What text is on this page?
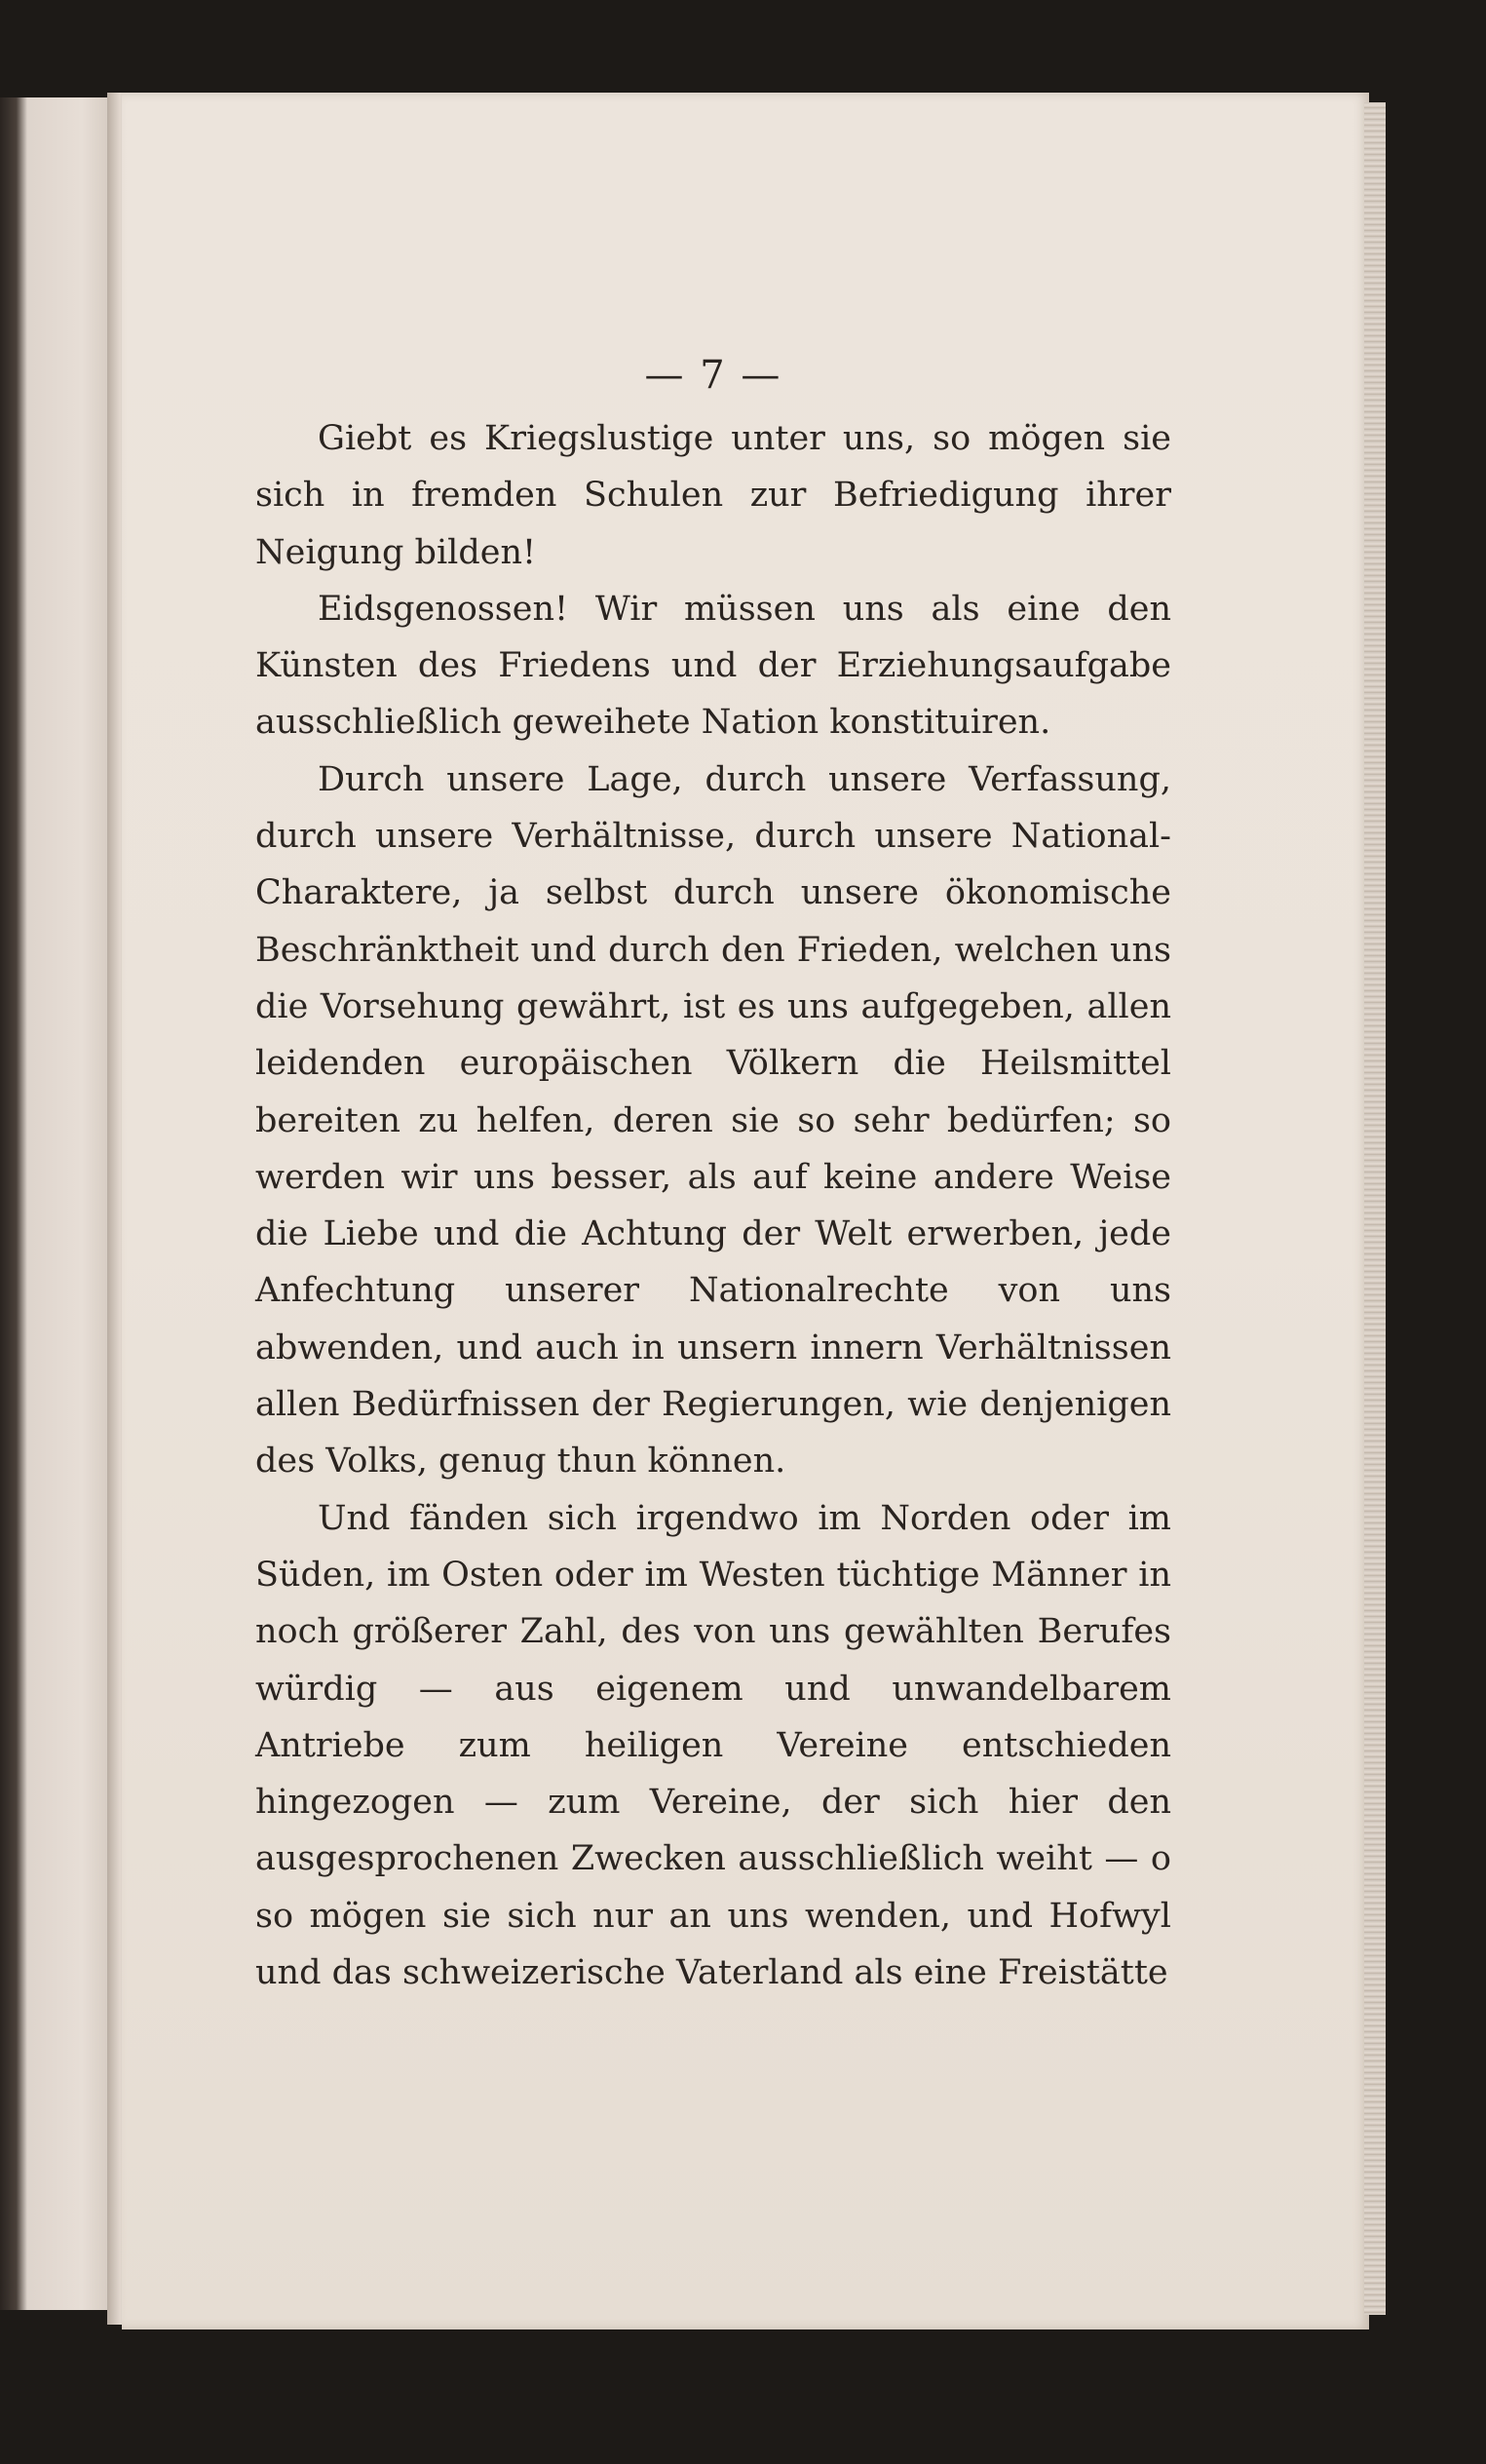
— 7 —

Giebt es Kriegslustige unter uns, so mögen sie sich in fremden Schulen zur Befriedigung ihrer Neigung bilden!

Eidsgenossen! Wir müssen uns als eine den Künsten des Friedens und der Erziehungsaufgabe ausschließlich geweihete Nation konstituiren.

Durch unsere Lage, durch unsere Verfassung, durch unsere Verhältnisse, durch unsere National-Charaktere, ja selbst durch unsere ökonomische Beschränktheit und durch den Frieden, welchen uns die Vorsehung gewährt, ist es uns aufgegeben, allen leidenden europäischen Völkern die Heilsmittel bereiten zu helfen, deren sie so sehr bedürfen; so werden wir uns besser, als auf keine andere Weise die Liebe und die Achtung der Welt erwerben, jede Anfechtung unserer Nationalrechte von uns abwenden, und auch in unsern innern Verhältnissen allen Bedürfnissen der Regierungen, wie denjenigen des Volks, genug thun können.

Und fänden sich irgendwo im Norden oder im Süden, im Osten oder im Westen tüchtige Männer in noch größerer Zahl, des von uns gewählten Berufes würdig — aus eigenem und unwandelbarem Antriebe zum heiligen Vereine entschieden hingezogen — zum Vereine, der sich hier den ausgesprochenen Zwecken ausschließlich weiht — o so mögen sie sich nur an uns wenden, und Hofwyl und das schweizerische Vaterland als eine Freistätte
